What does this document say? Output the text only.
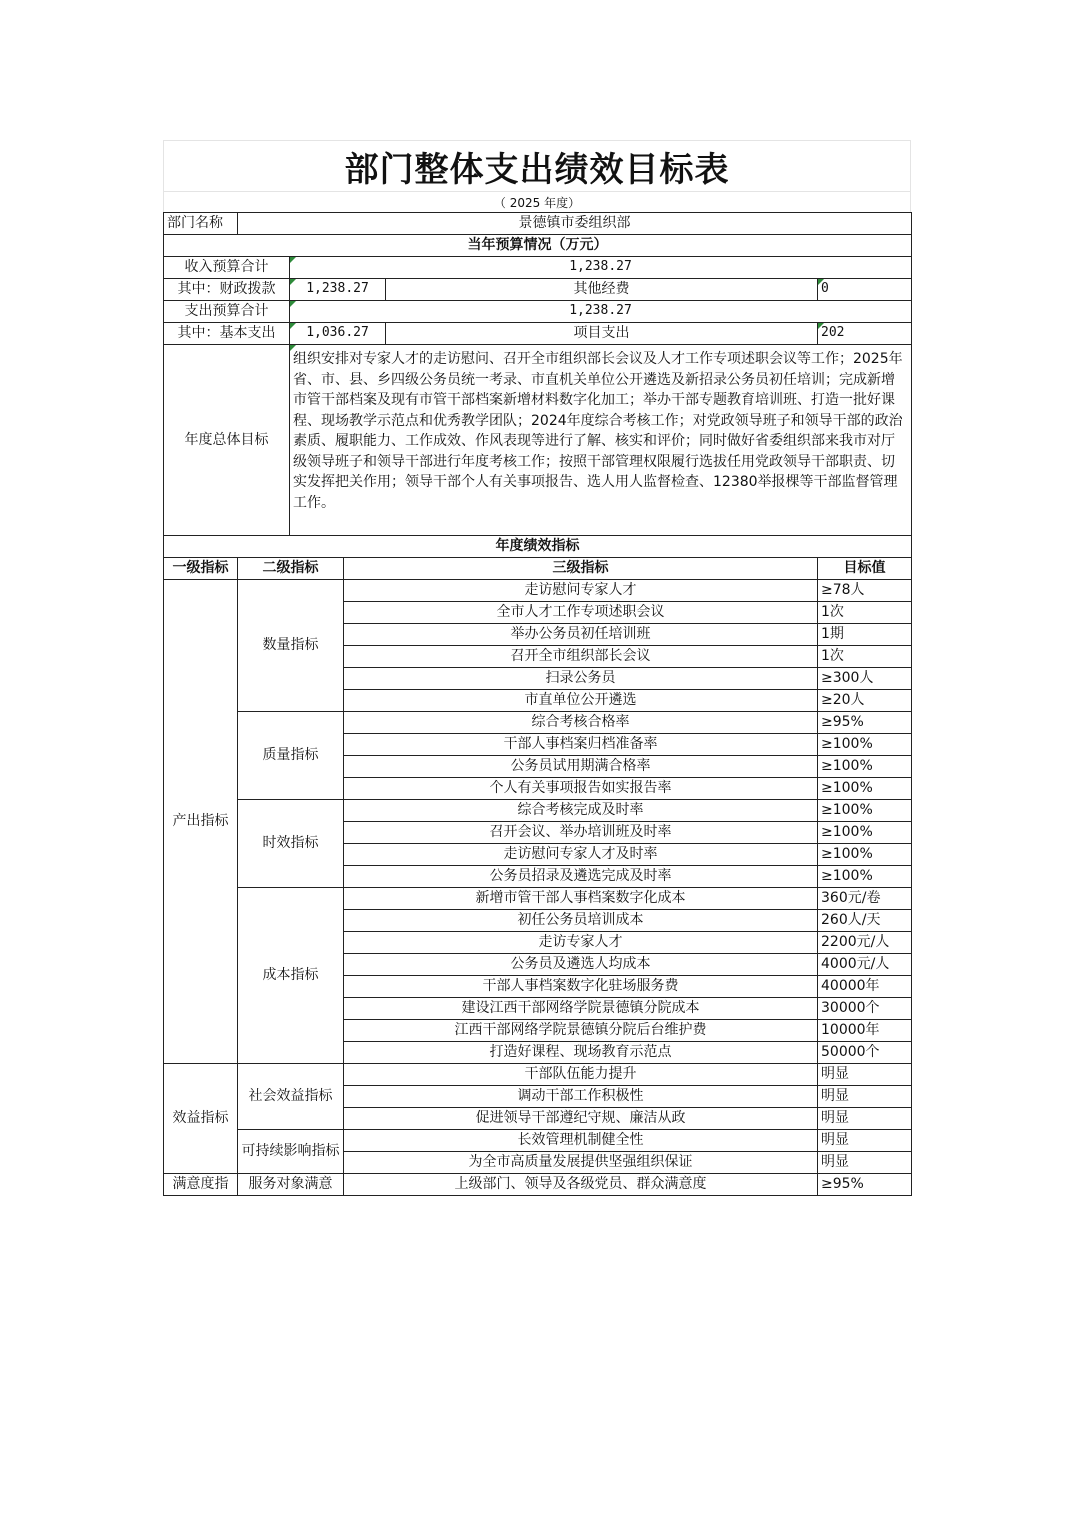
部门整体支出绩效目标表
（ 2025 年度）
部门名称	景德镇市委组织部			
当年预算情况（万元）				
收入预算合计		1,238.27		
其中：财政拨款		1,238.27	其他经费	0
支出预算合计		1,238.27		
其中：基本支出		1,036.27	项目支出	202
年度总体目标		组织安排对专家人才的走访慰问、召开全市组织部长会议及人才工作专项述职会议等工作；2025年省、市、县、乡四级公务员统一考录、市直机关单位公开遴选及新招录公务员初任培训；完成新增市管干部档案及现有市管干部档案新增材料数字化加工；举办干部专题教育培训班、打造一批好课程、现场教学示范点和优秀教学团队；2024年度综合考核工作；对党政领导班子和领导干部的政治素质、履职能力、工作成效、作风表现等进行了解、核实和评价；同时做好省委组织部来我市对厅级领导班子和领导干部进行年度考核工作；按照干部管理权限履行选拔任用党政领导干部职责、切实发挥把关作用；领导干部个人有关事项报告、选人用人监督检查、12380举报棵等干部监督管理工作。		
年度绩效指标			
一级指标	二级指标	三级指标	目标值
产出指标	数量指标	走访慰问专家人才	≥78人
		全市人才工作专项述职会议	1次
		举办公务员初任培训班	1期
		召开全市组织部长会议	1次
		扫录公务员	≥300人
		市直单位公开遴选	≥20人
	质量指标	综合考核合格率	≥95%
		干部人事档案归档准备率	≥100%
		公务员试用期满合格率	≥100%
		个人有关事项报告如实报告率	≥100%
	时效指标	综合考核完成及时率	≥100%
		召开会议、举办培训班及时率	≥100%
		走访慰问专家人才及时率	≥100%
		公务员招录及遴选完成及时率	≥100%
	成本指标	新增市管干部人事档案数字化成本	360元/卷
		初任公务员培训成本	260人/天
		走访专家人才	2200元/人
		公务员及遴选人均成本	4000元/人
		干部人事档案数字化驻场服务费	40000年
		建设江西干部网络学院景德镇分院成本	30000个
		江西干部网络学院景德镇分院后台维护费	10000年
		打造好课程、现场教育示范点	50000个
效益指标	社会效益指标	干部队伍能力提升	明显
		调动干部工作积极性	明显
		促进领导干部遵纪守规、廉洁从政	明显
	可持续影响指标	长效管理机制健全性	明显
		为全市高质量发展提供坚强组织保证	明显
满意度指	服务对象满意	上级部门、领导及各级党员、群众满意度	≥95%
